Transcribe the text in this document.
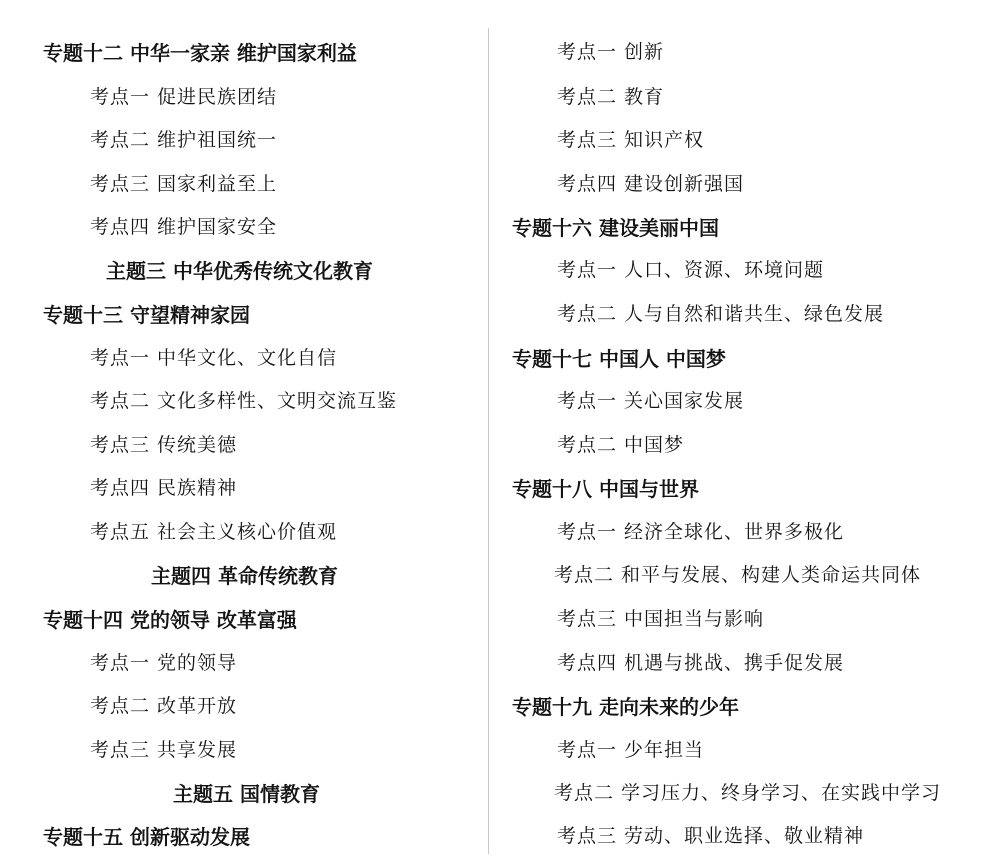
专题十二 中华一家亲 维护国家利益
考点一 促进民族团结
考点二 维护祖国统一
考点三 国家利益至上
考点四 维护国家安全
主题三 中华优秀传统文化教育
专题十三 守望精神家园
考点一 中华文化、文化自信
考点二 文化多样性、文明交流互鉴
考点三 传统美德
考点四 民族精神
考点五 社会主义核心价值观
主题四 革命传统教育
专题十四 党的领导 改革富强
考点一 党的领导
考点二 改革开放
考点三 共享发展
主题五 国情教育
专题十五 创新驱动发展
考点一 创新
考点二 教育
考点三 知识产权
考点四 建设创新强国
专题十六 建设美丽中国
考点一 人口、资源、环境问题
考点二 人与自然和谐共生、绿色发展
专题十七 中国人 中国梦
考点一 关心国家发展
考点二 中国梦
专题十八 中国与世界
考点一 经济全球化、世界多极化
考点二 和平与发展、构建人类命运共同体
考点三 中国担当与影响
考点四 机遇与挑战、携手促发展
专题十九 走向未来的少年
考点一 少年担当
考点二 学习压力、终身学习、在实践中学习
考点三 劳动、职业选择、敬业精神
